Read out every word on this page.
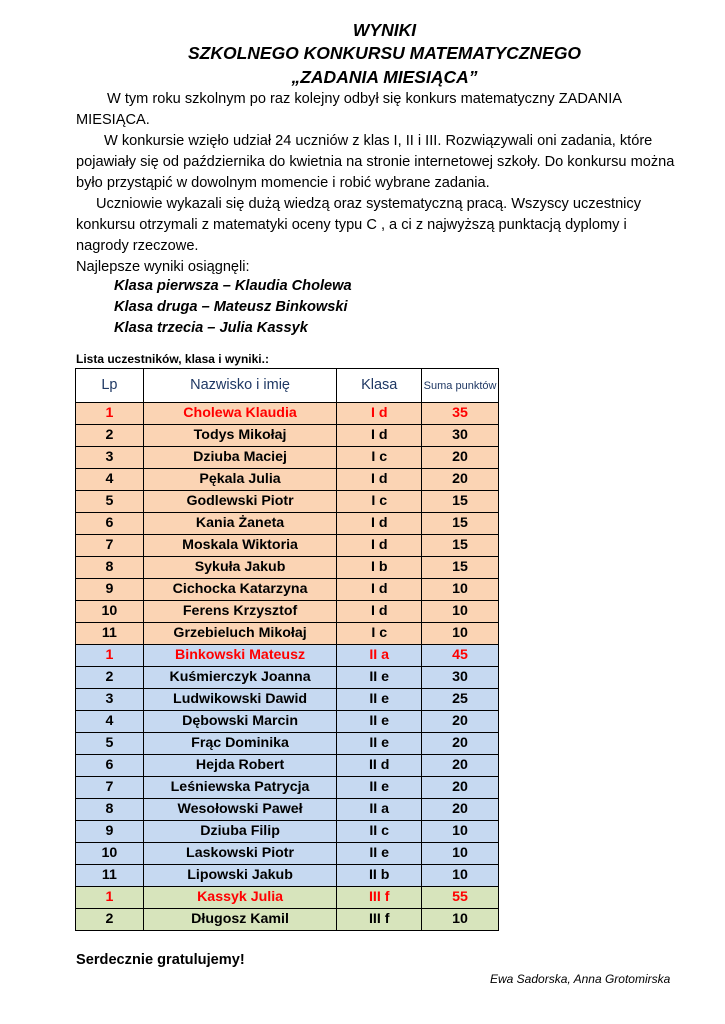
WYNIKI
SZKOLNEGO KONKURSU MATEMATYCZNEGO
„ZADANIA MIESIĄCA”
W tym roku szkolnym po raz kolejny odbył się konkurs matematyczny ZADANIA MIESIĄCA.
W konkursie wzięło udział 24 uczniów z klas I, II i III. Rozwiązywali oni zadania, które pojawiały się od października do kwietnia na stronie internetowej szkoły. Do konkursu można było przystąpić w dowolnym momencie i robić wybrane zadania.
Uczniowie wykazali się dużą wiedzą oraz systematyczną pracą. Wszyscy uczestnicy konkursu otrzymali z matematyki oceny typu C , a ci z najwyższą punktacją dyplomy i nagrody rzeczowe.
Najlepsze wyniki osiągnęli:
Klasa pierwsza – Klaudia Cholewa
Klasa druga – Mateusz Binkowski
Klasa trzecia – Julia Kassyk
Lista uczestników, klasa i wyniki.:
Lp	Nazwisko i imię	Klasa	Suma punktów
1	Cholewa Klaudia	I d	35
2	Todys Mikołaj	I d	30
3	Dziuba Maciej	I c	20
4	Pękala Julia	I d	20
5	Godlewski Piotr	I c	15
6	Kania Żaneta	I d	15
7	Moskala Wiktoria	I d	15
8	Sykuła Jakub	I b	15
9	Cichocka Katarzyna	I d	10
10	Ferens Krzysztof	I d	10
11	Grzebieluch Mikołaj	I c	10
1	Binkowski Mateusz	II a	45
2	Kuśmierczyk Joanna	II e	30
3	Ludwikowski Dawid	II e	25
4	Dębowski Marcin	II e	20
5	Frąc Dominika	II e	20
6	Hejda Robert	II d	20
7	Leśniewska Patrycja	II e	20
8	Wesołowski Paweł	II a	20
9	Dziuba Filip	II c	10
10	Laskowski Piotr	II e	10
11	Lipowski Jakub	II b	10
1	Kassyk Julia	III f	55
2	Długosz Kamil	III f	10
Serdecznie gratulujemy!
Ewa Sadorska, Anna Grotomirska
